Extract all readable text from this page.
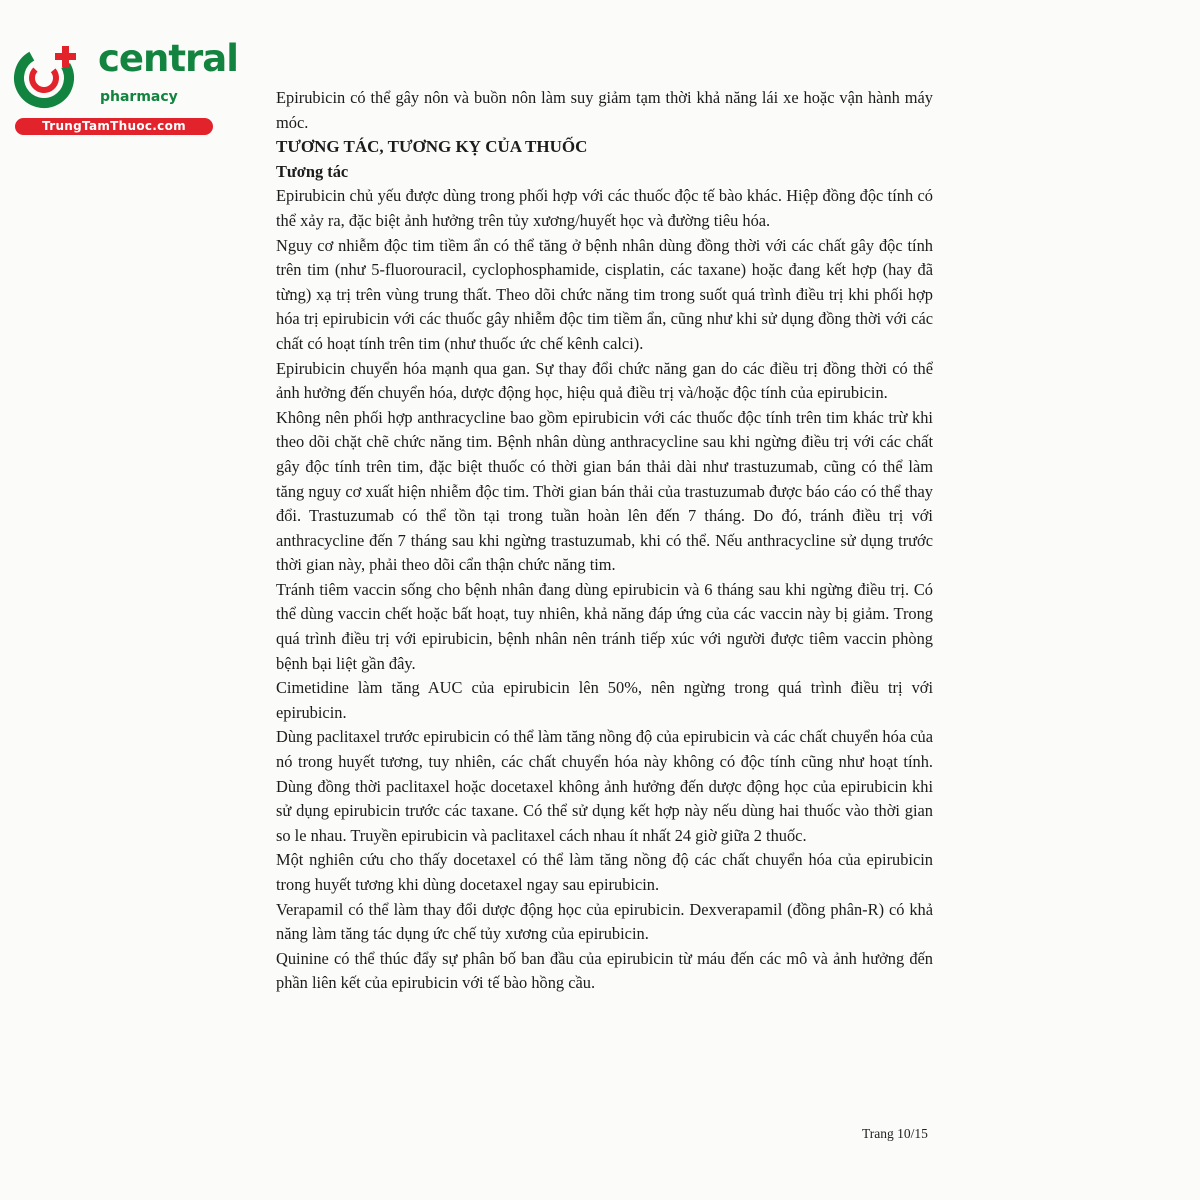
central
pharmacy
TrungTamThuoc.com

Epirubicin có thể gây nôn và buồn nôn làm suy giảm tạm thời khả năng lái xe hoặc vận hành máy móc.

TƯƠNG TÁC, TƯƠNG KỴ CỦA THUỐC

Tương tác

Epirubicin chủ yếu được dùng trong phối hợp với các thuốc độc tế bào khác. Hiệp đồng độc tính có thể xảy ra, đặc biệt ảnh hưởng trên tủy xương/huyết học và đường tiêu hóa.

Nguy cơ nhiễm độc tim tiềm ẩn có thể tăng ở bệnh nhân dùng đồng thời với các chất gây độc tính trên tim (như 5-fluorouracil, cyclophosphamide, cisplatin, các taxane) hoặc đang kết hợp (hay đã từng) xạ trị trên vùng trung thất. Theo dõi chức năng tim trong suốt quá trình điều trị khi phối hợp hóa trị epirubicin với các thuốc gây nhiễm độc tim tiềm ẩn, cũng như khi sử dụng đồng thời với các chất có hoạt tính trên tim (như thuốc ức chế kênh calci).

Epirubicin chuyển hóa mạnh qua gan. Sự thay đổi chức năng gan do các điều trị đồng thời có thể ảnh hưởng đến chuyển hóa, dược động học, hiệu quả điều trị và/hoặc độc tính của epirubicin.

Không nên phối hợp anthracycline bao gồm epirubicin với các thuốc độc tính trên tim khác trừ khi theo dõi chặt chẽ chức năng tim. Bệnh nhân dùng anthracycline sau khi ngừng điều trị với các chất gây độc tính trên tim, đặc biệt thuốc có thời gian bán thải dài như trastuzumab, cũng có thể làm tăng nguy cơ xuất hiện nhiễm độc tim. Thời gian bán thải của trastuzumab được báo cáo có thể thay đổi. Trastuzumab có thể tồn tại trong tuần hoàn lên đến 7 tháng. Do đó, tránh điều trị với anthracycline đến 7 tháng sau khi ngừng trastuzumab, khi có thể. Nếu anthracycline sử dụng trước thời gian này, phải theo dõi cẩn thận chức năng tim.

Tránh tiêm vaccin sống cho bệnh nhân đang dùng epirubicin và 6 tháng sau khi ngừng điều trị. Có thể dùng vaccin chết hoặc bất hoạt, tuy nhiên, khả năng đáp ứng của các vaccin này bị giảm. Trong quá trình điều trị với epirubicin, bệnh nhân nên tránh tiếp xúc với người được tiêm vaccin phòng bệnh bại liệt gần đây.

Cimetidine làm tăng AUC của epirubicin lên 50%, nên ngừng trong quá trình điều trị với epirubicin.

Dùng paclitaxel trước epirubicin có thể làm tăng nồng độ của epirubicin và các chất chuyển hóa của nó trong huyết tương, tuy nhiên, các chất chuyển hóa này không có độc tính cũng như hoạt tính. Dùng đồng thời paclitaxel hoặc docetaxel không ảnh hưởng đến dược động học của epirubicin khi sử dụng epirubicin trước các taxane. Có thể sử dụng kết hợp này nếu dùng hai thuốc vào thời gian so le nhau. Truyền epirubicin và paclitaxel cách nhau ít nhất 24 giờ giữa 2 thuốc.

Một nghiên cứu cho thấy docetaxel có thể làm tăng nồng độ các chất chuyển hóa của epirubicin trong huyết tương khi dùng docetaxel ngay sau epirubicin.

Verapamil có thể làm thay đổi dược động học của epirubicin. Dexverapamil (đồng phân-R) có khả năng làm tăng tác dụng ức chế tủy xương của epirubicin.

Quinine có thể thúc đẩy sự phân bố ban đầu của epirubicin từ máu đến các mô và ảnh hưởng đến phần liên kết của epirubicin với tế bào hồng cầu.

Trang 10/15
